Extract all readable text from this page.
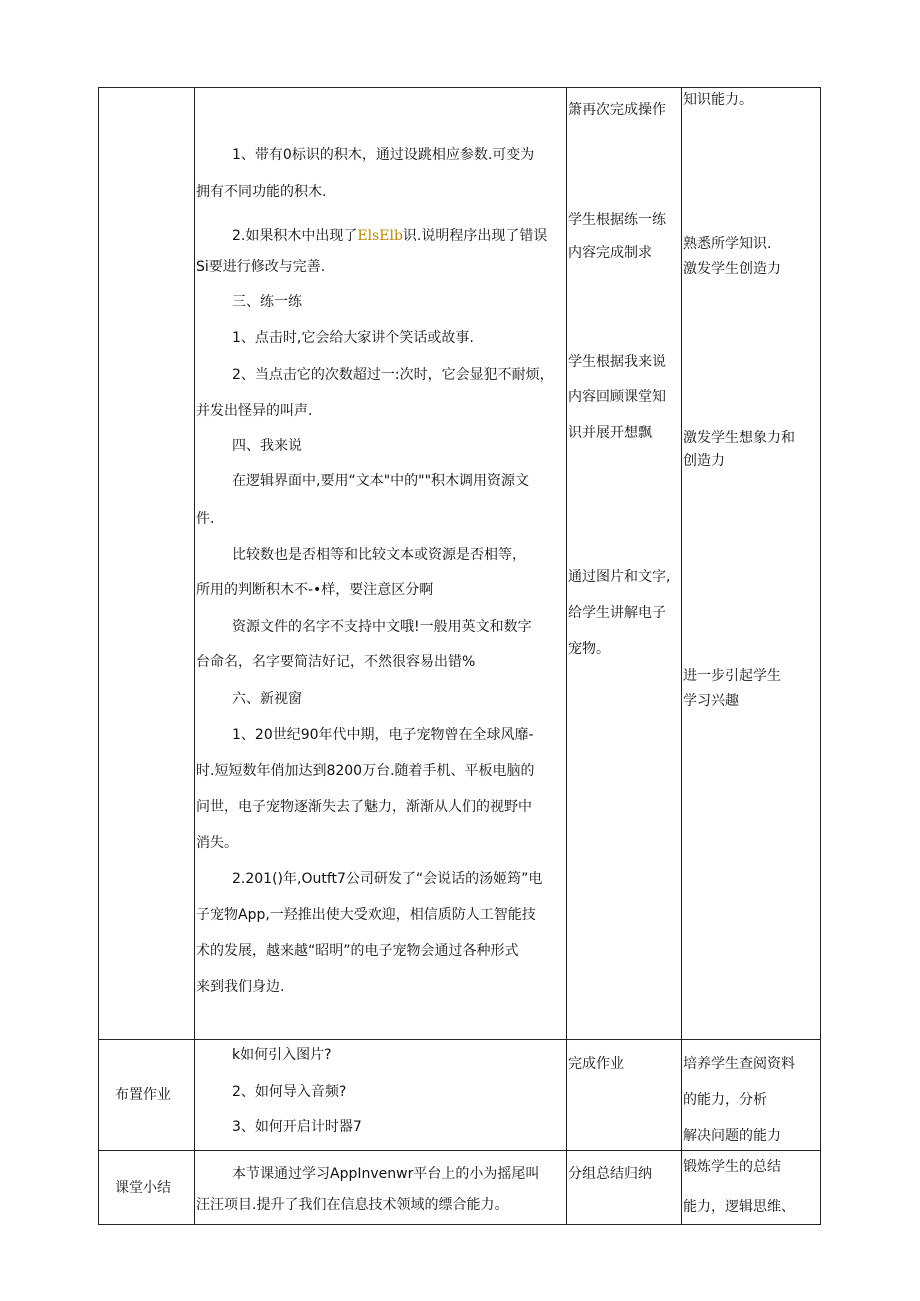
1、带有0标识的积木，通过设跳相应参数.可变为
拥有不同功能的积木.
2.如果积木中出现了ElsElb识.说明程序出现了错误
Si要进行修改与完善.
三、练一练
1、点击时,它会给大家讲个笑话或故事.
2、当点击它的次数超过一:次时，它会显犯不耐烦，
并发出怪异的叫声.
四、我来说
在逻辑界面中,要用“文本"中的""积木调用资源文
件.
比较数也是否相等和比较文本或资源是否相等，
所用的判断积木不-•样，要注意区分啊
资源文件的名字不支持中文哦!一般用英文和数字
台命名，名字要简洁好记，不然很容易出错%
六、新视窗
1、20世纪90年代中期，电子宠物曾在全球风靡-
时.短短数年俏加达到8200万台.随着手机、平板电脑的
问世，电子宠物逐渐失去了魅力，渐渐从人们的视野中
消失。
2.201()年,Outft7公司研发了“会说话的汤姬筠”电
子宠物App,一羟推出使大受欢迎，相信质防人工智能技
术的发展，越来越“昭明”的电子宠物会通过各种形式
来到我们身边.
箫再次完成操作
学生根据练一练
内容完成制求
学生根据我来说
内容回顾课堂知
识并展开想飘
通过图片和文字,
给学生讲解电子
宠物。
知识能力。
熟悉所学知识.
激发学生创造力
激发学生想象力和
创造力
进一步引起学生
学习兴趣
布置作业
k如何引入图片?
2、如何导入音频?
3、如何开启计时器7
完成作业	培养学生查阅资料
的能力，分析
解决问题的能力
课堂小结
本节课通过学习AppInvenwr平台上的小为摇尾叫
汪汪项目.提升了我们在信息技术领域的缥合能力。
分组总结归纳 锻炼学生的总结
能力，逻辑思维、
